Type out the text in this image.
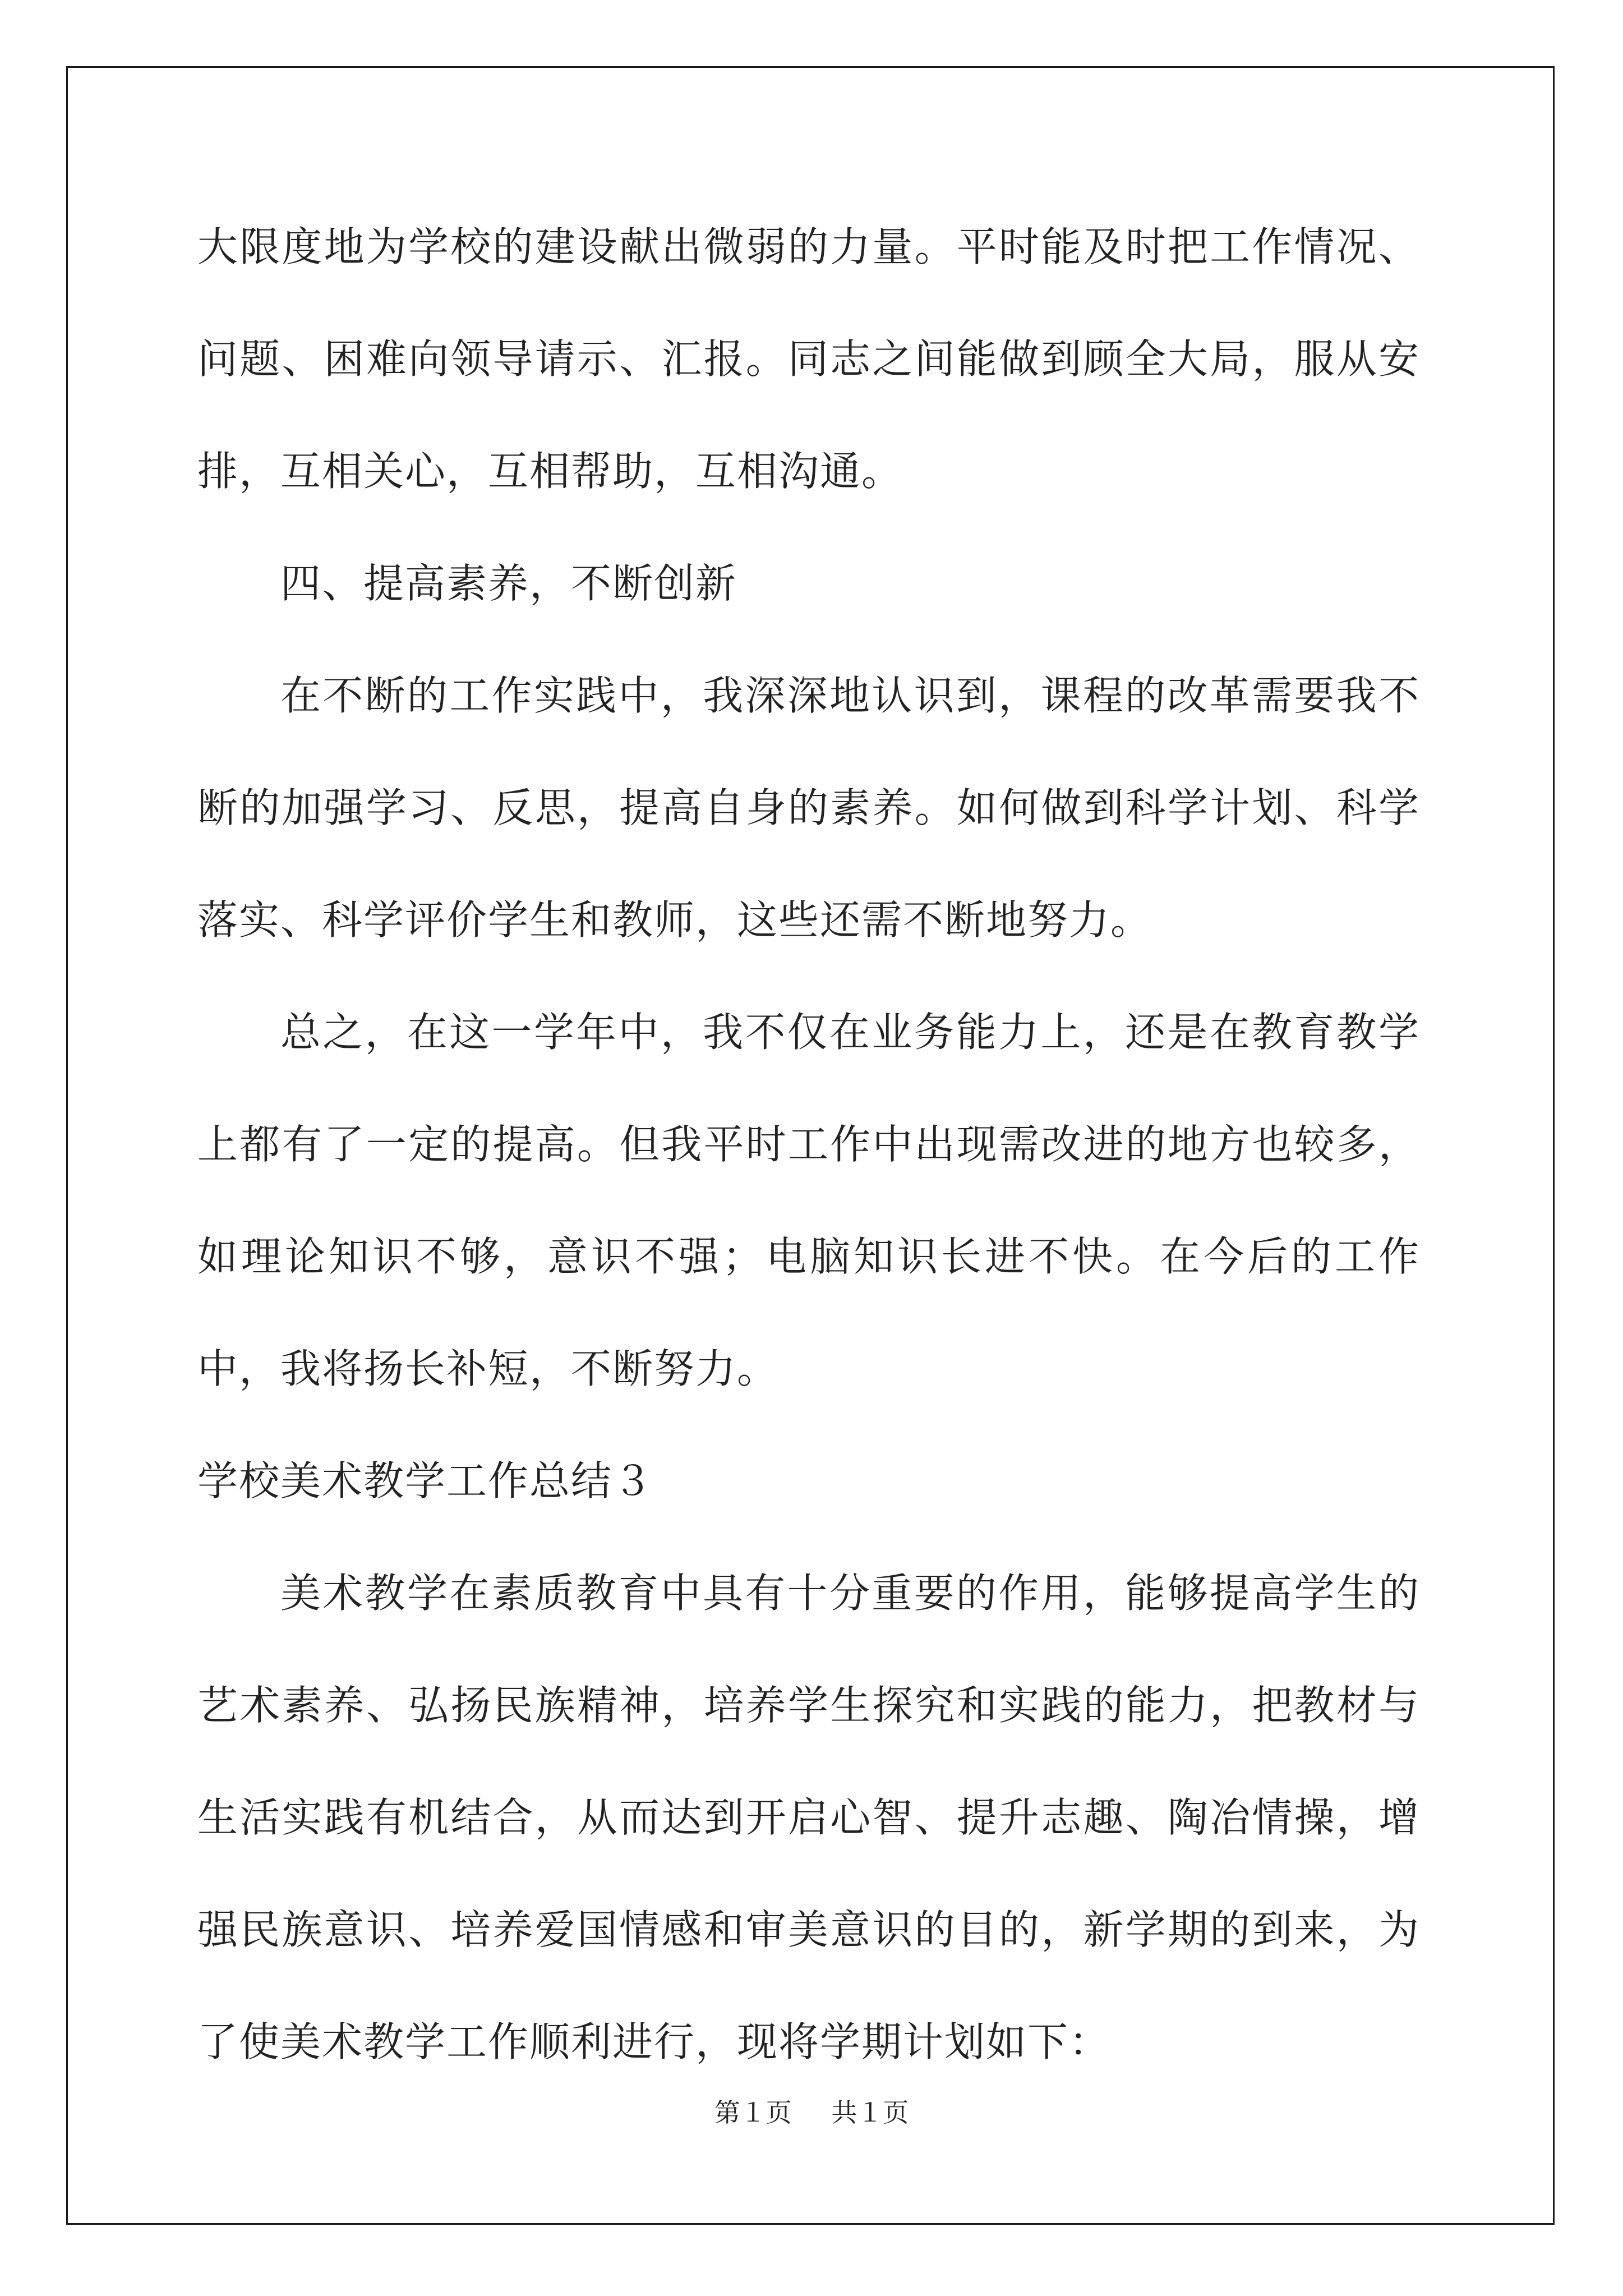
大限度地为学校的建设献出微弱的力量。平时能及时把工作情况、问题、困难向领导请示、汇报。同志之间能做到顾全大局，服从安排，互相关心，互相帮助，互相沟通。

四、提高素养，不断创新

在不断的工作实践中，我深深地认识到，课程的改革需要我不断的加强学习、反思，提高自身的素养。如何做到科学计划、科学落实、科学评价学生和教师，这些还需不断地努力。

总之，在这一学年中，我不仅在业务能力上，还是在教育教学上都有了一定的提高。但我平时工作中出现需改进的地方也较多，如理论知识不够，意识不强；电脑知识长进不快。在今后的工作中，我将扬长补短，不断努力。

学校美术教学工作总结３

美术教学在素质教育中具有十分重要的作用，能够提高学生的艺术素养、弘扬民族精神，培养学生探究和实践的能力，把教材与生活实践有机结合，从而达到开启心智、提升志趣、陶冶情操，增强民族意识、培养爱国情感和审美意识的目的，新学期的到来，为了使美术教学工作顺利进行，现将学期计划如下：

第１页 共１页
